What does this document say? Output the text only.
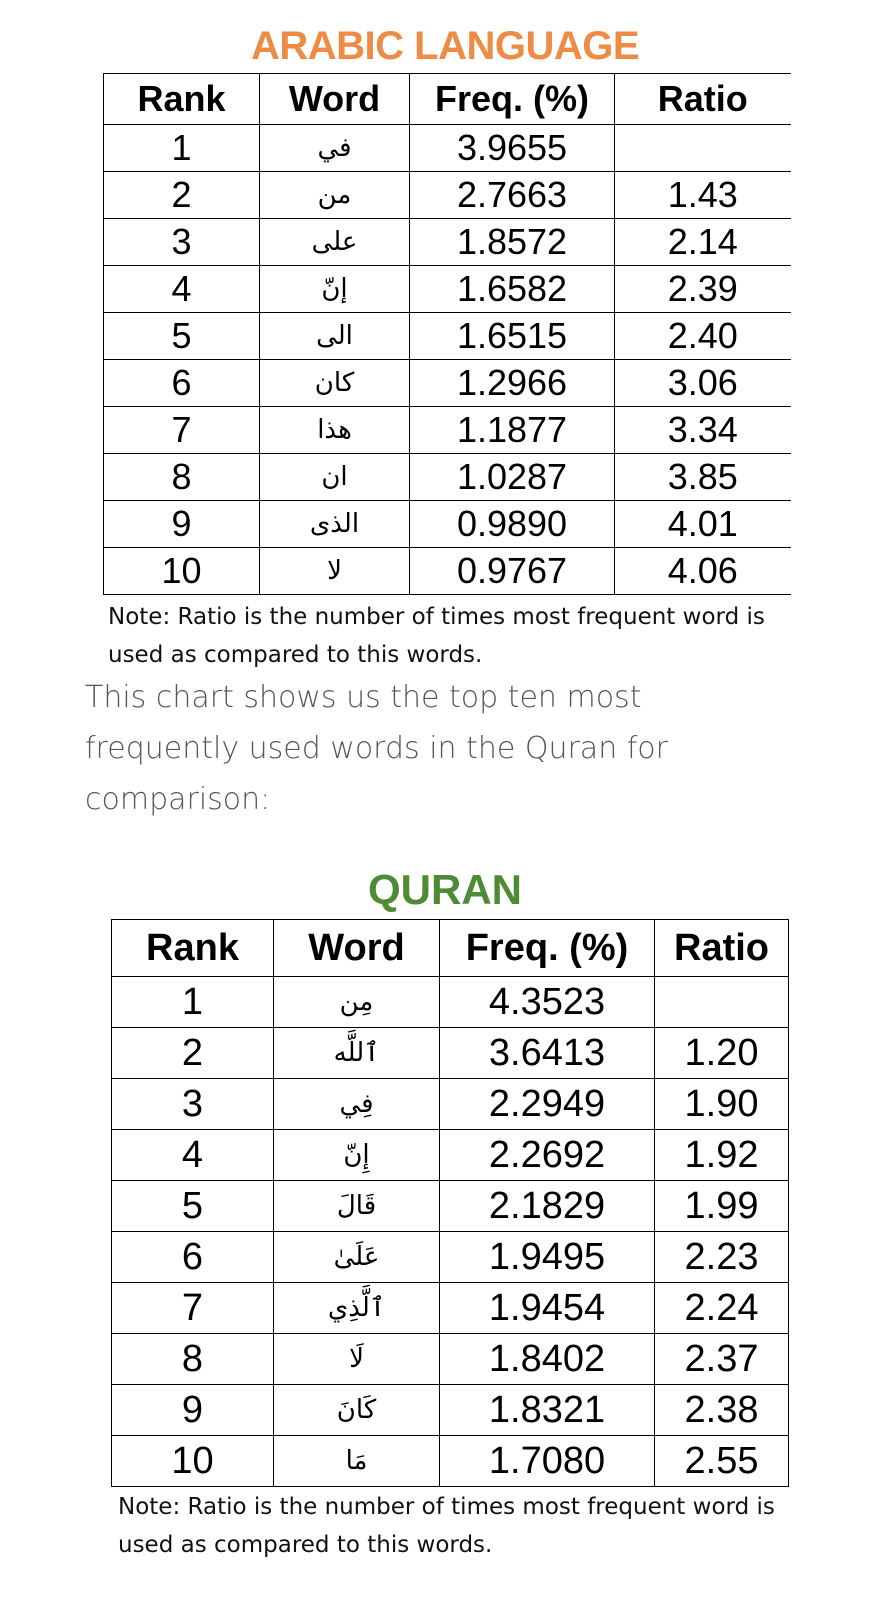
ARABIC LANGUAGE
Rank	Word	Freq. (%)	Ratio
1	في	3.9655	
2	من	2.7663	1.43
3	على	1.8572	2.14
4	إنّ	1.6582	2.39
5	الى	1.6515	2.40
6	كان	1.2966	3.06
7	هذا	1.1877	3.34
8	ان	1.0287	3.85
9	الذى	0.9890	4.01
10	لا	0.9767	4.06
Note: Ratio is the number of times most frequent word is used as compared to this words.
This chart shows us the top ten most frequently used words in the Quran for comparison:
QURAN
Rank	Word	Freq. (%)	Ratio
1	مِن	4.3523	
2	ٱللَّه	3.6413	1.20
3	فِي	2.2949	1.90
4	إِنّ	2.2692	1.92
5	قَالَ	2.1829	1.99
6	عَلَىٰ	1.9495	2.23
7	ٱلَّذِي	1.9454	2.24
8	لَا	1.8402	2.37
9	كَانَ	1.8321	2.38
10	مَا	1.7080	2.55
Note: Ratio is the number of times most frequent word is used as compared to this words.
